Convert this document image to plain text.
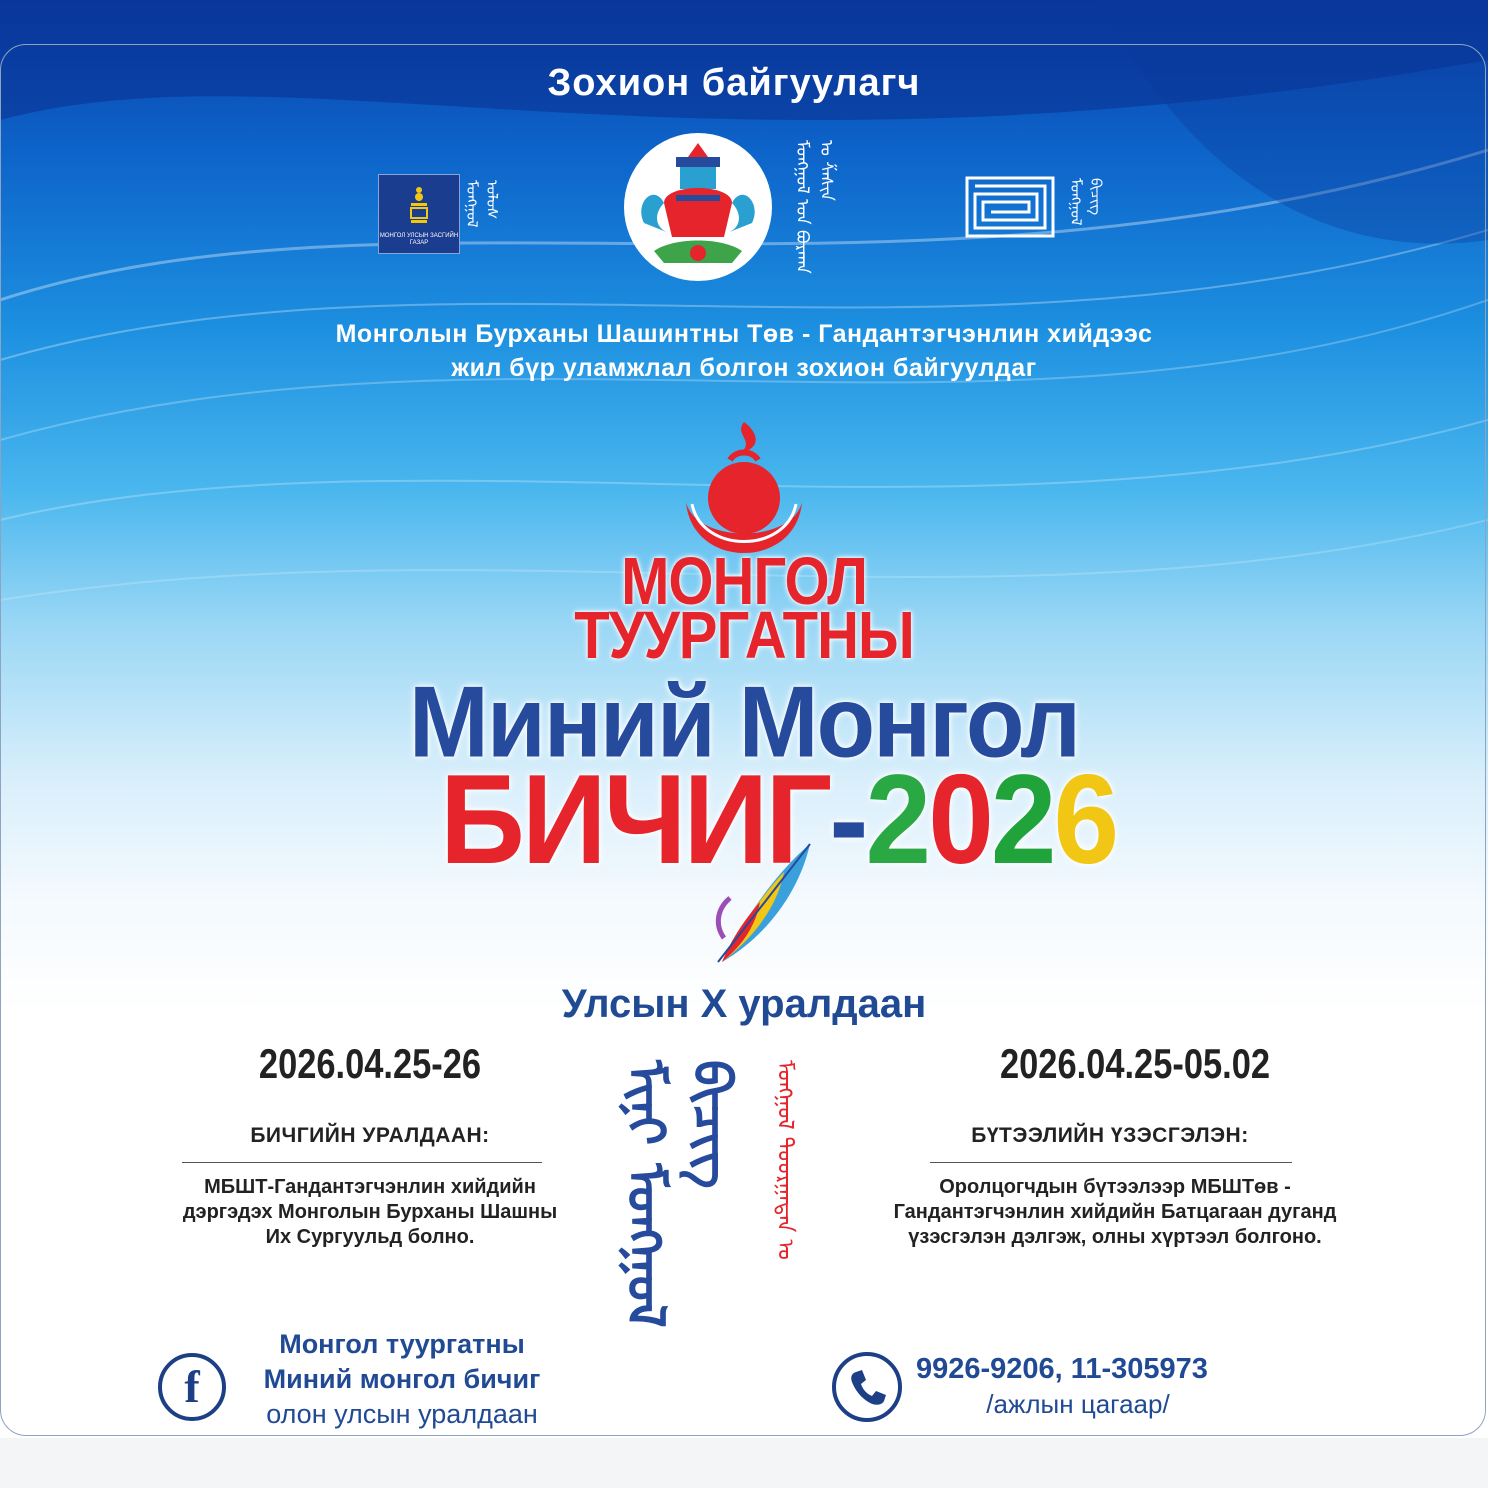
Зохион байгуулагч
МОНГОЛ УЛСЫН ЗАСГИЙН ГАЗАР
ᠮᠣᠩᠭᠣᠯ ᠤᠯᠤᠰ	ᠮᠣᠩᠭᠣᠯ ᠤᠨ ᠪᠤᠷᠬᠠᠨ ᠤ ᠱᠠᠰᠢᠨ
ᠮᠣᠩᠭᠣᠯ ᠪᠢᠴᠢᠭ
Монголын Бурханы Шашинтны Төв - Гандантэгчэнлин хийдээс
жил бүр уламжлал болгон зохион байгуулдаг
МОНГОЛ
ТУУРГАТНЫ
Миний Монгол
БИЧИГ-2026
Улсын Х уралдаан
2026.04.25-26
БИЧГИЙН УРАЛДААН:
МБШТ-Гандантэгчэнлин хийдийн
дэргэдэх Монголын Бурханы Шашны
Их Сургуульд болно.	ᠮᠢᠨᠢ ᠮᠣᠩᠭᠣᠯ ᠪᠢᠴᠢᠭ ᠮᠣᠩᠭᠣᠯ ᠲᠤᠤᠷᠭᠠᠲᠠᠨ ᠤ	2026.04.25-05.02
БҮТЭЭЛИЙН ҮЗЭСГЭЛЭН:
Оролцогчдын бүтээлээр МБШТөв -
Гандантэгчэнлин хийдийн Батцагаан дуганд
үзэсгэлэн дэлгэж, олны хүртээл болгоно.
f
Монгол туургатны
Миний монгол бичиг
олон улсын уралдаан
9926-9206, 11-305973
/ажлын цагаар/
